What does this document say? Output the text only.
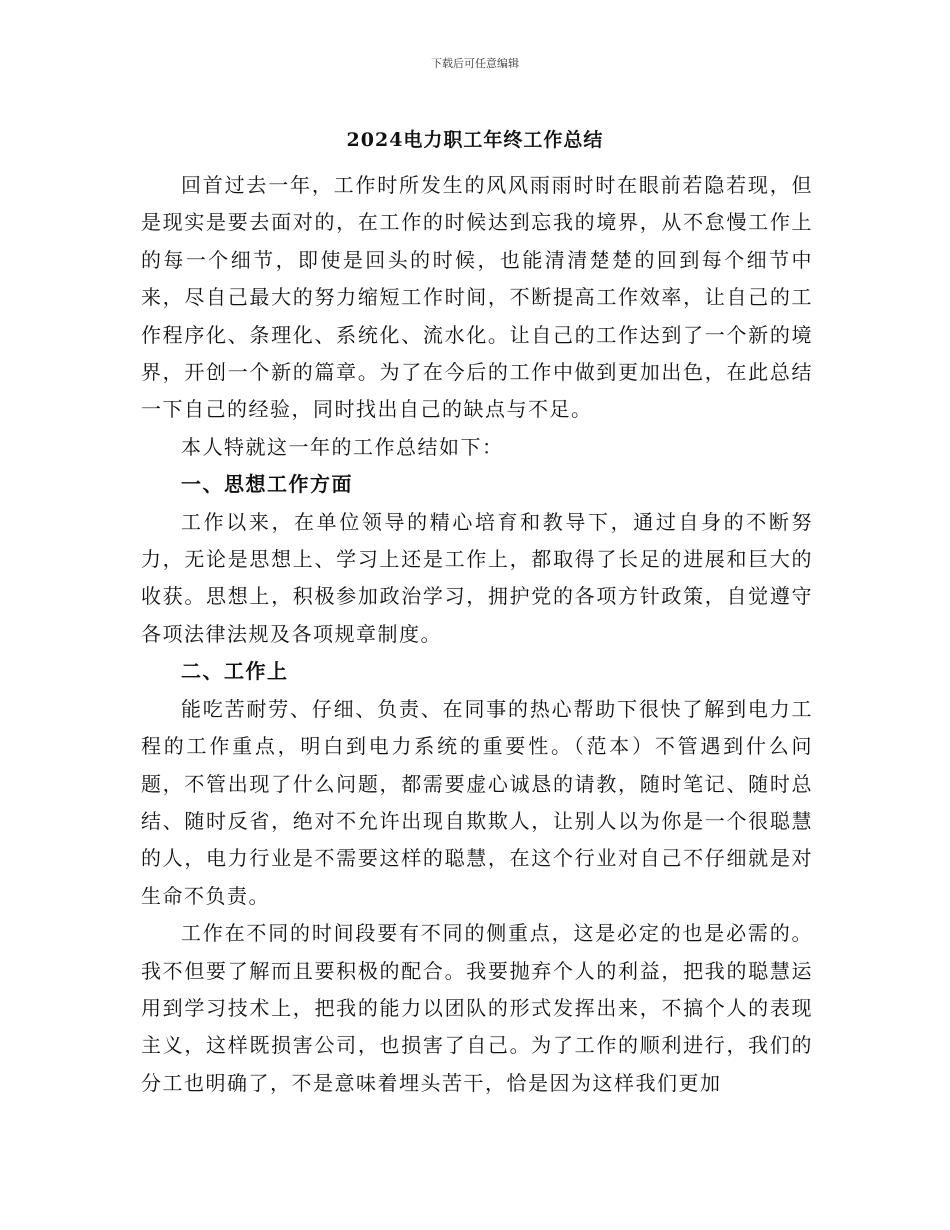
下载后可任意编辑
2024电力职工年终工作总结

回首过去一年，工作时所发生的风风雨雨时时在眼前若隐若现，但是现实是要去面对的，在工作的时候达到忘我的境界，从不怠慢工作上的每一个细节，即使是回头的时候，也能清清楚楚的回到每个细节中来，尽自己最大的努力缩短工作时间，不断提高工作效率，让自己的工作程序化、条理化、系统化、流水化。让自己的工作达到了一个新的境界，开创一个新的篇章。为了在今后的工作中做到更加出色，在此总结一下自己的经验，同时找出自己的缺点与不足。

本人特就这一年的工作总结如下：

一、思想工作方面

工作以来，在单位领导的精心培育和教导下，通过自身的不断努力，无论是思想上、学习上还是工作上，都取得了长足的进展和巨大的收获。思想上，积极参加政治学习，拥护党的各项方针政策，自觉遵守各项法律法规及各项规章制度。

二、工作上

能吃苦耐劳、仔细、负责、在同事的热心帮助下很快了解到电力工程的工作重点，明白到电力系统的重要性。（范本）不管遇到什么问题，不管出现了什么问题，都需要虚心诚恳的请教，随时笔记、随时总结、随时反省，绝对不允许出现自欺欺人，让别人以为你是一个很聪慧的人，电力行业是不需要这样的聪慧，在这个行业对自己不仔细就是对生命不负责。

工作在不同的时间段要有不同的侧重点，这是必定的也是必需的。我不但要了解而且要积极的配合。我要抛弃个人的利益，把我的聪慧运用到学习技术上，把我的能力以团队的形式发挥出来，不搞个人的表现主义，这样既损害公司，也损害了自己。为了工作的顺利进行，我们的分工也明确了，不是意味着埋头苦干，恰是因为这样我们更加
